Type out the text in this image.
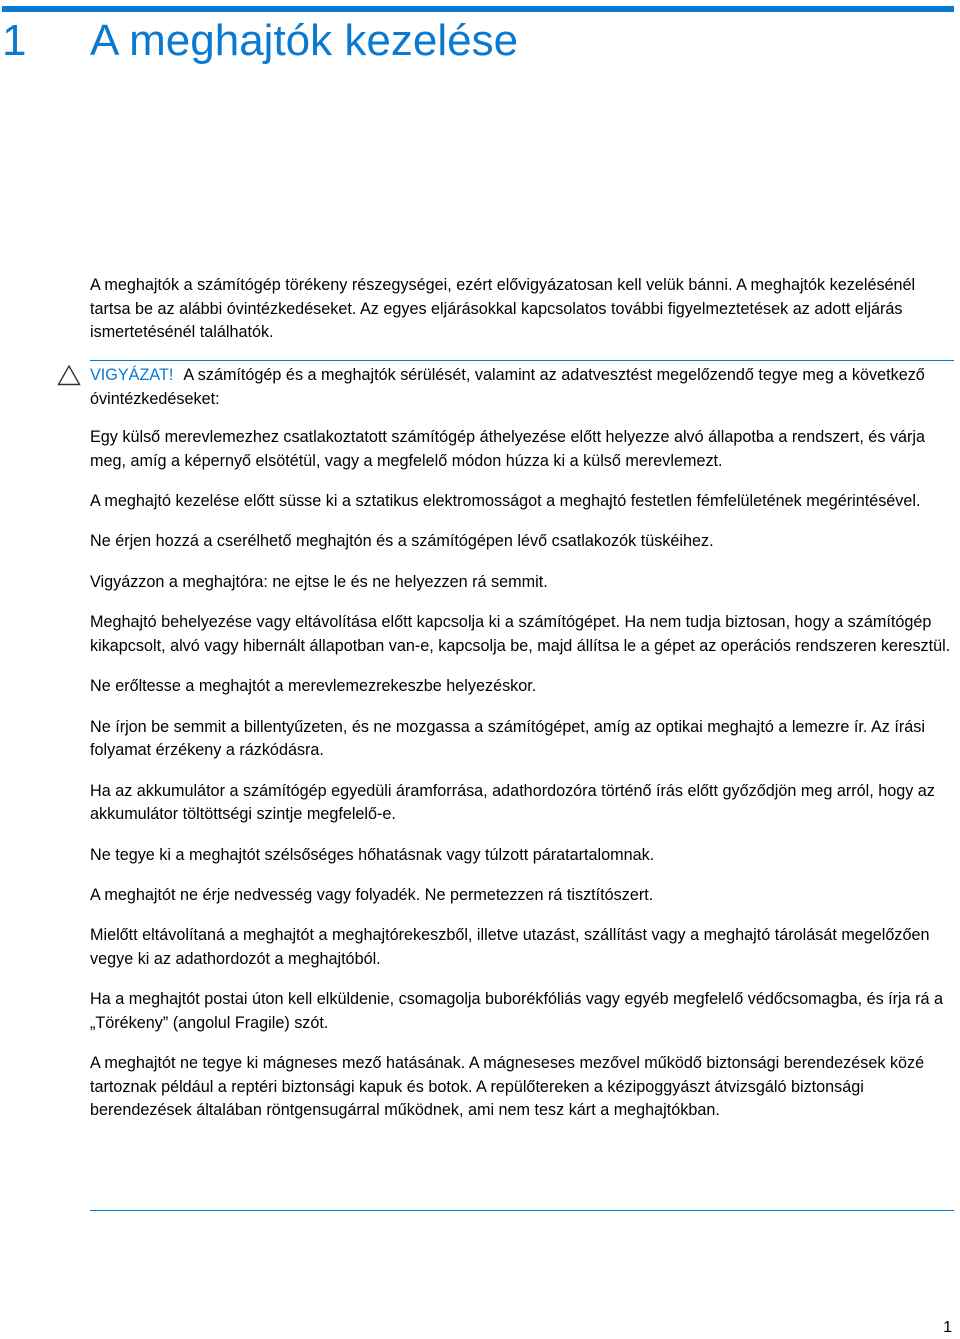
1 A meghajtók kezelése

A meghajtók a számítógép törékeny részegységei, ezért elővigyázatosan kell velük bánni. A meghajtók kezelésénél tartsa be az alábbi óvintézkedéseket. Az egyes eljárásokkal kapcsolatos további figyelmeztetések az adott eljárás ismertetésénél találhatók.

VIGYÁZAT! A számítógép és a meghajtók sérülését, valamint az adatvesztést megelőzendő tegye meg a következő óvintézkedéseket:

Egy külső merevlemezhez csatlakoztatott számítógép áthelyezése előtt helyezze alvó állapotba a rendszert, és várja meg, amíg a képernyő elsötétül, vagy a megfelelő módon húzza ki a külső merevlemezt.

A meghajtó kezelése előtt süsse ki a sztatikus elektromosságot a meghajtó festetlen fémfelületének megérintésével.

Ne érjen hozzá a cserélhető meghajtón és a számítógépen lévő csatlakozók tüskéihez.

Vigyázzon a meghajtóra: ne ejtse le és ne helyezzen rá semmit.

Meghajtó behelyezése vagy eltávolítása előtt kapcsolja ki a számítógépet. Ha nem tudja biztosan, hogy a számítógép kikapcsolt, alvó vagy hibernált állapotban van-e, kapcsolja be, majd állítsa le a gépet az operációs rendszeren keresztül.

Ne erőltesse a meghajtót a merevlemezrekeszbe helyezéskor.

Ne írjon be semmit a billentyűzeten, és ne mozgassa a számítógépet, amíg az optikai meghajtó a lemezre ír. Az írási folyamat érzékeny a rázkódásra.

Ha az akkumulátor a számítógép egyedüli áramforrása, adathordozóra történő írás előtt győződjön meg arról, hogy az akkumulátor töltöttségi szintje megfelelő-e.

Ne tegye ki a meghajtót szélsőséges hőhatásnak vagy túlzott páratartalomnak.

A meghajtót ne érje nedvesség vagy folyadék. Ne permetezzen rá tisztítószert.

Mielőtt eltávolítaná a meghajtót a meghajtórekeszből, illetve utazást, szállítást vagy a meghajtó tárolását megelőzően vegye ki az adathordozót a meghajtóból.

Ha a meghajtót postai úton kell elküldenie, csomagolja buborékfóliás vagy egyéb megfelelő védőcsomagba, és írja rá a „Törékeny” (angolul Fragile) szót.

A meghajtót ne tegye ki mágneses mező hatásának. A mágneseses mezővel működő biztonsági berendezések közé tartoznak például a reptéri biztonsági kapuk és botok. A repülőtereken a kézipoggyászt átvizsgáló biztonsági berendezések általában röntgensugárral működnek, ami nem tesz kárt a meghajtókban.

1
